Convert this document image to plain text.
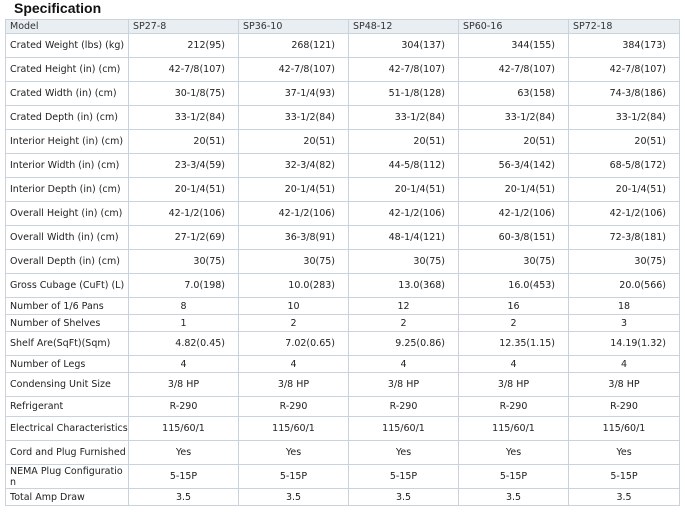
Specification
Model	SP27-8	SP36-10	SP48-12	SP60-16	SP72-18
Crated Weight (lbs) (kg)	212(95)	268(121)	304(137)	344(155)	384(173)
Crated Height (in) (cm)	42-7/8(107)	42-7/8(107)	42-7/8(107)	42-7/8(107)	42-7/8(107)
Crated Width (in) (cm)	30-1/8(75)	37-1/4(93)	51-1/8(128)	63(158)	74-3/8(186)
Crated Depth (in) (cm)	33-1/2(84)	33-1/2(84)	33-1/2(84)	33-1/2(84)	33-1/2(84)
Interior Height (in) (cm)	20(51)	20(51)	20(51)	20(51)	20(51)
Interior Width (in) (cm)	23-3/4(59)	32-3/4(82)	44-5/8(112)	56-3/4(142)	68-5/8(172)
Interior Depth (in) (cm)	20-1/4(51)	20-1/4(51)	20-1/4(51)	20-1/4(51)	20-1/4(51)
Overall Height (in) (cm)	42-1/2(106)	42-1/2(106)	42-1/2(106)	42-1/2(106)	42-1/2(106)
Overall Width (in) (cm)	27-1/2(69)	36-3/8(91)	48-1/4(121)	60-3/8(151)	72-3/8(181)
Overall Depth (in) (cm)	30(75)	30(75)	30(75)	30(75)	30(75)
Gross Cubage (CuFt) (L)	7.0(198)	10.0(283)	13.0(368)	16.0(453)	20.0(566)
Number of 1/6 Pans	8	10	12	16	18
Number of Shelves	1	2	2	2	3
Shelf Are(SqFt)(Sqm)	4.82(0.45)	7.02(0.65)	9.25(0.86)	12.35(1.15)	14.19(1.32)
Number of Legs	4	4	4	4	4
Condensing Unit Size	3/8 HP	3/8 HP	3/8 HP	3/8 HP	3/8 HP
Refrigerant	R-290	R-290	R-290	R-290	R-290
Electrical Characteristics	115/60/1	115/60/1	115/60/1	115/60/1	115/60/1
Cord and Plug Furnished	Yes	Yes	Yes	Yes	Yes
NEMA Plug Configuratio n	5-15P	5-15P	5-15P	5-15P	5-15P
Total Amp Draw	3.5	3.5	3.5	3.5	3.5
